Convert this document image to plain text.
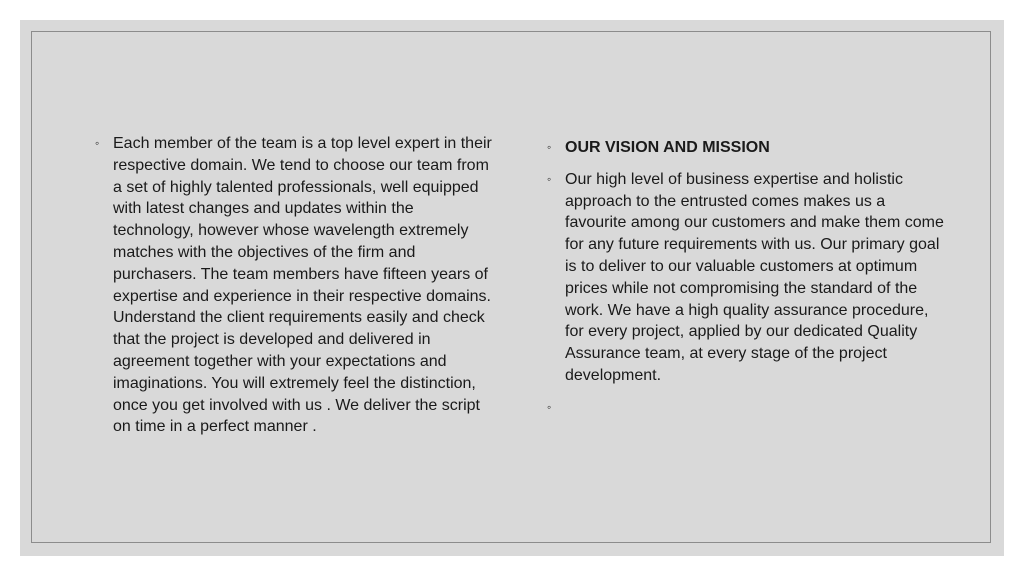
◦ Each member of the team is a top level expert in their respective domain. We tend to choose our team from a set of highly talented professionals, well equipped with latest changes and updates within the technology, however whose wavelength extremely matches with the objectives of the firm and purchasers. The team members have fifteen years of expertise and experience in their respective domains. Understand the client requirements easily and check that the project is developed and delivered in agreement together with your expectations and imaginations. You will extremely feel the distinction, once you get involved with us . We deliver the script on time in a perfect manner .
◦ OUR VISION AND MISSION
◦ Our high level of business expertise and holistic approach to the entrusted comes makes us a favourite among our customers and make them come for any future requirements with us. Our primary goal is to deliver to our valuable customers at optimum prices while not compromising the standard of the work. We have a high quality assurance procedure, for every project, applied by our dedicated Quality Assurance team, at every stage of the project development.
◦
